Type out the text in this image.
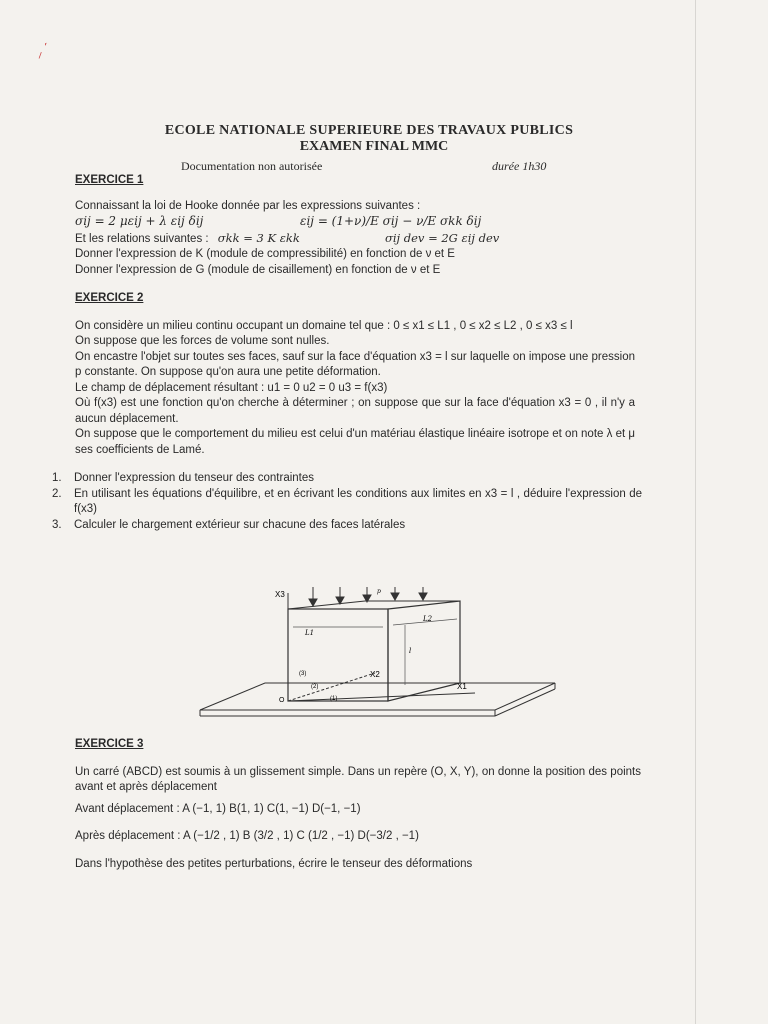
⸝ ˊ
ECOLE NATIONALE SUPERIEURE DES TRAVAUX PUBLICS
EXAMEN FINAL MMC
Documentation non autorisée	durée 1h30
EXERCICE 1
Connaissant la loi de Hooke donnée par les expressions suivantes :
σij = 2 μεij + λ εij δij	εij = (1+ν)/E σij − ν/E σkk δij
Et les relations suivantes : σkk = 3 K εkk	σij dev = 2G εij dev
Donner l'expression de K (module de compressibilité) en fonction de ν et E
Donner l'expression de G (module de cisaillement) en fonction de ν et E
EXERCICE 2
On considère un milieu continu occupant un domaine tel que : 0 ≤ x1 ≤ L1 , 0 ≤ x2 ≤ L2 , 0 ≤ x3 ≤ l
On suppose que les forces de volume sont nulles.
On encastre l'objet sur toutes ses faces, sauf sur la face d'équation x3 = l sur laquelle on impose une pression p constante. On suppose qu'on aura une petite déformation.
Le champ de déplacement résultant : u1 = 0 u2 = 0 u3 = f(x3)
Où f(x3) est une fonction qu'on cherche à déterminer ; on suppose que sur la face d'équation x3 = 0 , il n'y a aucun déplacement.
On suppose que le comportement du milieu est celui d'un matériau élastique linéaire isotrope et on note λ et μ ses coefficients de Lamé.
1.	Donner l'expression du tenseur des contraintes
2.	En utilisant les équations d'équilibre, et en écrivant les conditions aux limites en x3 = l , déduire l'expression de f(x3)
3.	Calculer le chargement extérieur sur chacune des faces latérales
X3
X2
X1
O
L1
L2
l
p
(3)
(2)
(1)
EXERCICE 3
Un carré (ABCD) est soumis à un glissement simple. Dans un repère (O, X, Y), on donne la position des points avant et après déplacement
Avant déplacement : A (−1, 1) B(1, 1) C(1, −1) D(−1, −1)
Après déplacement : A (−1/2 , 1) B (3/2 , 1) C (1/2 , −1) D(−3/2 , −1)
Dans l'hypothèse des petites perturbations, écrire le tenseur des déformations
